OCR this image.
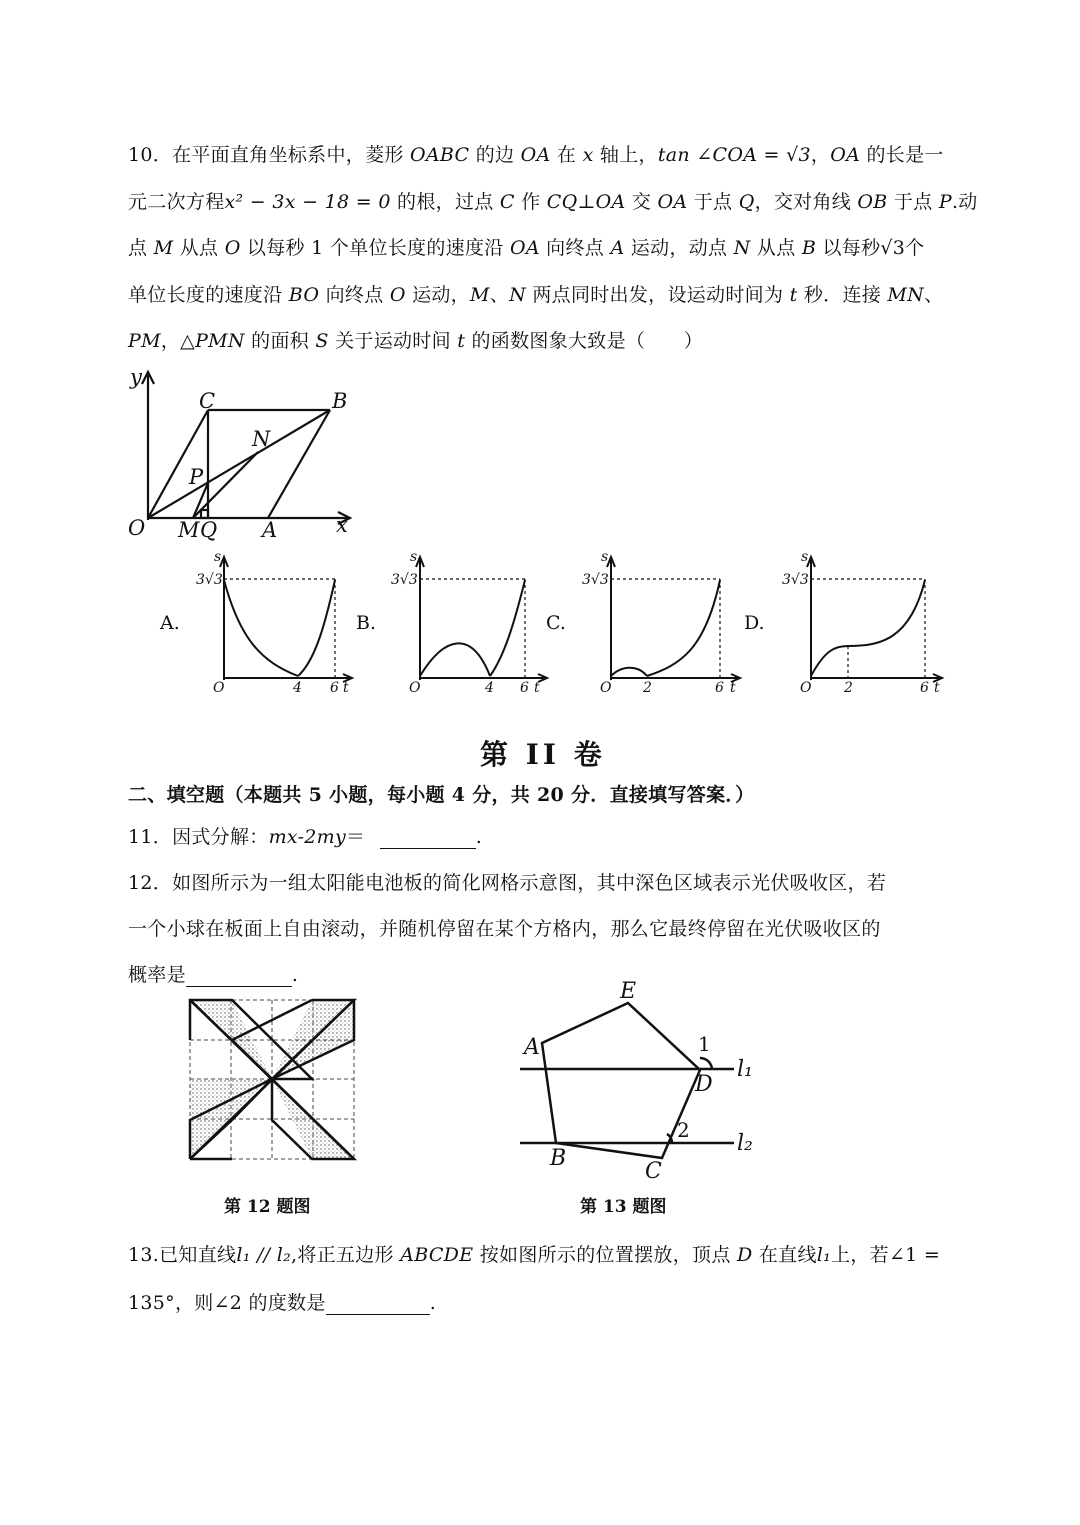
10．在平面直角坐标系中，菱形 OABC 的边 OA 在 x 轴上，tan ∠COA = √3，OA 的长是一
元二次方程x² − 3x − 18 = 0 的根，过点 C 作 CQ⊥OA 交 OA 于点 Q，交对角线 OB 于点 P.动
点 M 从点 O 以每秒 1 个单位长度的速度沿 OA 向终点 A 运动，动点 N 从点 B 以每秒√3个
单位长度的速度沿 BO 向终点 O 运动，M、N 两点同时出发，设运动时间为 t 秒．连接 MN、
PM，△PMN 的面积 S 关于运动时间 t 的函数图象大致是（　　）
y
x
O
C	B
N
P
M Q A
A.	B.	C.	D.
s
3√3
O	4 6 t
s
3√3
O	4 6 t
s
3√3
O 2	6 t
s
3√3
O 2	6 t
第 II 卷
二、填空题（本题共 5 小题，每小题 4 分，共 20 分．直接填写答案．）
11．因式分解：mx-2my＝	.
12．如图所示为一组太阳能电池板的简化网格示意图，其中深色区域表示光伏吸收区，若
一个小球在板面上自由滚动，并随机停留在某个方格内，那么它最终停留在光伏吸收区的
概率是	.
第 12 题图
E
A
D
B
C
l₁
l₂
1
2
第 13 题图
13.已知直线l₁ // l₂,将正五边形 ABCDE 按如图所示的位置摆放，顶点 D 在直线l₁上，若∠1 =
135°，则∠2 的度数是	.
